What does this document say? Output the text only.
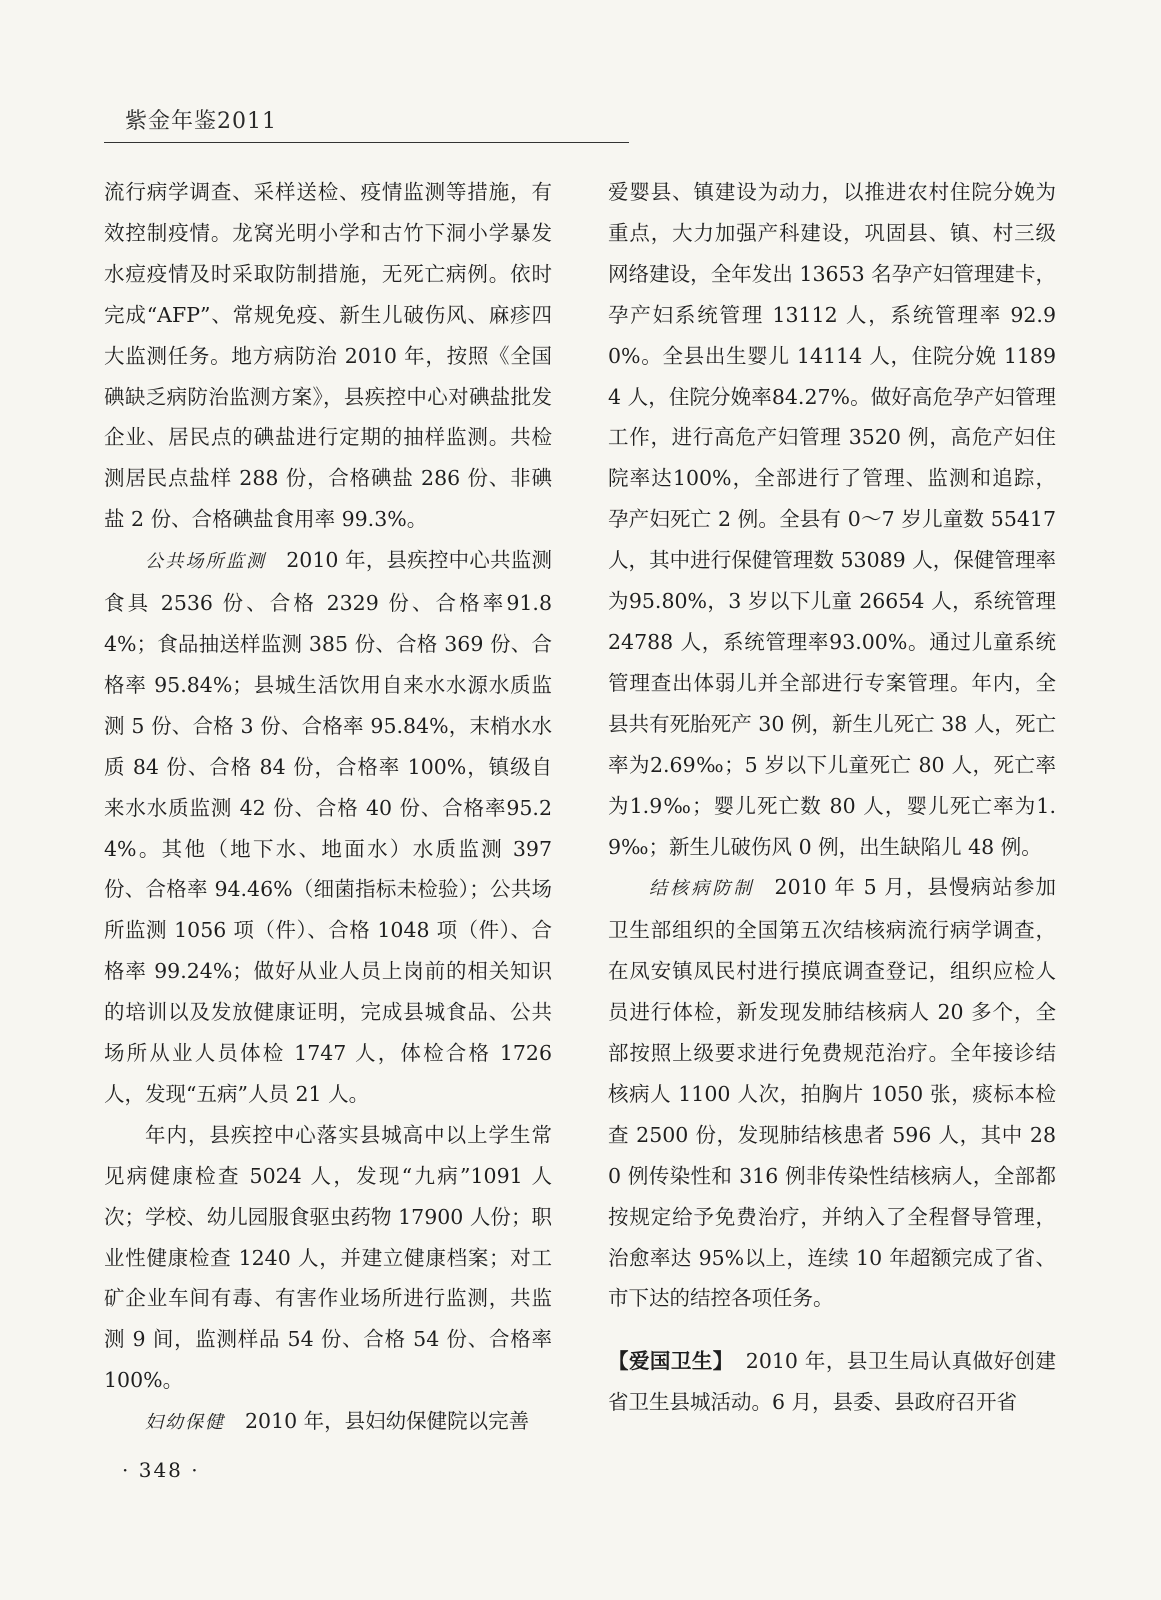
紫金年鉴2011

流行病学调查、采样送检、疫情监测等措施，有效控制疫情。龙窝光明小学和古竹下洞小学暴发水痘疫情及时采取防制措施，无死亡病例。依时完成“AFP”、常规免疫、新生儿破伤风、麻疹四大监测任务。地方病防治 2010 年，按照《全国碘缺乏病防治监测方案》，县疾控中心对碘盐批发企业、居民点的碘盐进行定期的抽样监测。共检测居民点盐样 288 份，合格碘盐 286 份、非碘盐 2 份、合格碘盐食用率 99.3%。

公共场所监测 2010 年，县疾控中心共监测食具 2536 份、合格 2329 份、合格率91.84%；食品抽送样监测 385 份、合格 369 份、合格率 95.84%；县城生活饮用自来水水源水质监测 5 份、合格 3 份、合格率 95.84%，末梢水水质 84 份、合格 84 份，合格率 100%，镇级自来水水质监测 42 份、合格 40 份、合格率95.24%。其他（地下水、地面水）水质监测 397 份、合格率 94.46%（细菌指标未检验）；公共场所监测 1056 项（件）、合格 1048 项（件）、合格率 99.24%；做好从业人员上岗前的相关知识的培训以及发放健康证明，完成县城食品、公共场所从业人员体检 1747 人，体检合格 1726 人，发现“五病”人员 21 人。

年内，县疾控中心落实县城高中以上学生常见病健康检查 5024 人，发现“九病”1091 人次；学校、幼儿园服食驱虫药物 17900 人份；职业性健康检查 1240 人，并建立健康档案；对工矿企业车间有毒、有害作业场所进行监测，共监测 9 间，监测样品 54 份、合格 54 份、合格率 100%。

妇幼保健 2010 年，县妇幼保健院以完善

爱婴县、镇建设为动力，以推进农村住院分娩为重点，大力加强产科建设，巩固县、镇、村三级网络建设，全年发出 13653 名孕产妇管理建卡，孕产妇系统管理 13112 人，系统管理率 92.90%。全县出生婴儿 14114 人，住院分娩 11894 人，住院分娩率84.27%。做好高危孕产妇管理工作，进行高危产妇管理 3520 例，高危产妇住院率达100%，全部进行了管理、监测和追踪，孕产妇死亡 2 例。全县有 0～7 岁儿童数 55417 人，其中进行保健管理数 53089 人，保健管理率为95.80%，3 岁以下儿童 26654 人，系统管理 24788 人，系统管理率93.00%。通过儿童系统管理查出体弱儿并全部进行专案管理。年内，全县共有死胎死产 30 例，新生儿死亡 38 人，死亡率为2.69‰；5 岁以下儿童死亡 80 人，死亡率为1.9‰；婴儿死亡数 80 人，婴儿死亡率为1.9‰；新生儿破伤风 0 例，出生缺陷儿 48 例。

结核病防制 2010 年 5 月，县慢病站参加卫生部组织的全国第五次结核病流行病学调查，在凤安镇凤民村进行摸底调查登记，组织应检人员进行体检，新发现发肺结核病人 20 多个，全部按照上级要求进行免费规范治疗。全年接诊结核病人 1100 人次，拍胸片 1050 张，痰标本检查 2500 份，发现肺结核患者 596 人，其中 280 例传染性和 316 例非传染性结核病人，全部都按规定给予免费治疗，并纳入了全程督导管理，治愈率达 95%以上，连续 10 年超额完成了省、市下达的结控各项任务。

【爱国卫生】 2010 年，县卫生局认真做好创建省卫生县城活动。6 月，县委、县政府召开省

· 348 ·
